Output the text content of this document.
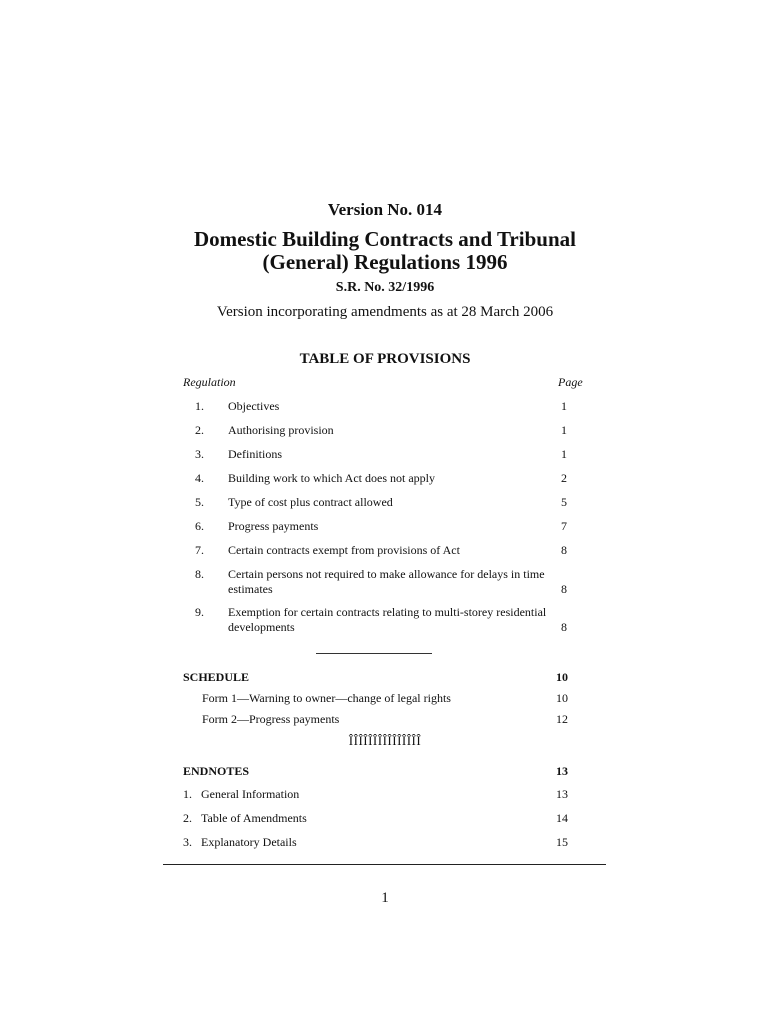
Version No. 014
Domestic Building Contracts and Tribunal
(General) Regulations 1996
S.R. No. 32/1996
Version incorporating amendments as at 28 March 2006
TABLE OF PROVISIONS
Regulation	Page
1. Objectives	1
2. Authorising provision	1
3. Definitions	1
4. Building work to which Act does not apply	2
5. Type of cost plus contract allowed	5
6. Progress payments	7
7. Certain contracts exempt from provisions of Act	8
8. Certain persons not required to make allowance for delays in time estimates	8
9. Exemption for certain contracts relating to multi-storey residential developments	8
SCHEDULE	10
Form 1—Warning to owner—change of legal rights	10
Form 2—Progress payments	12
ÎÎÎÎÎÎÎÎÎÎÎÎÎÎÎ
ENDNOTES	13
1. General Information	13
2. Table of Amendments	14
3. Explanatory Details	15
1
